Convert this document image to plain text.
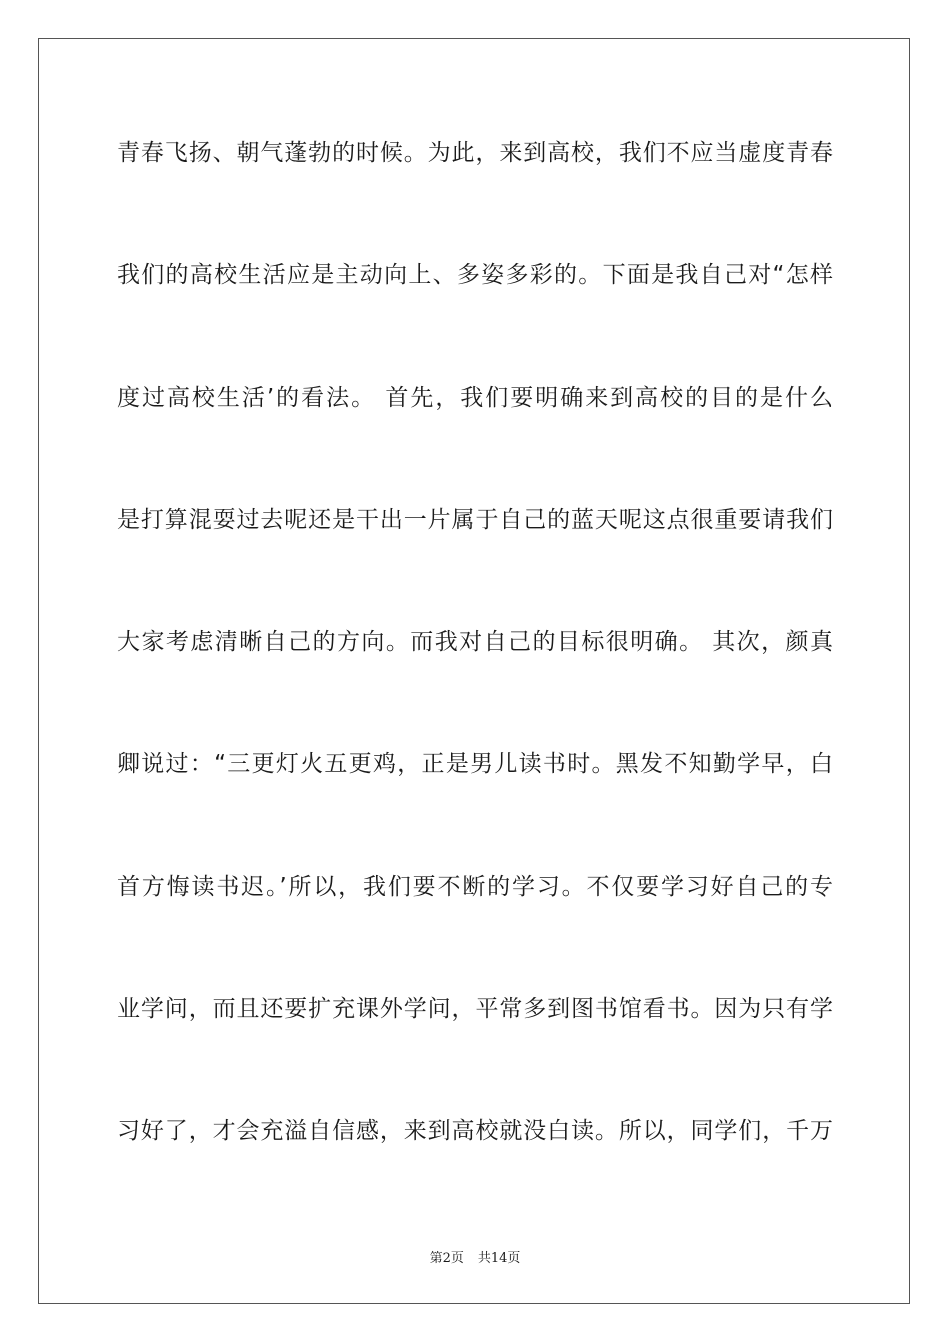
青春飞扬、朝气蓬勃的时候。为此，来到高校，我们不应当虚度青春
我们的高校生活应是主动向上、多姿多彩的。下面是我自己对“怎样
度过高校生活’的看法。 首先，我们要明确来到高校的目的是什么
是打算混耍过去呢还是干出一片属于自己的蓝天呢这点很重要请我们
大家考虑清晰自己的方向。而我对自己的目标很明确。 其次，颜真
卿说过：“三更灯火五更鸡，正是男儿读书时。黑发不知勤学早，白
首方悔读书迟。’所以，我们要不断的学习。不仅要学习好自己的专
业学问，而且还要扩充课外学问，平常多到图书馆看书。因为只有学
习好了，才会充溢自信感，来到高校就没白读。所以，同学们，千万
第2页 共14页
